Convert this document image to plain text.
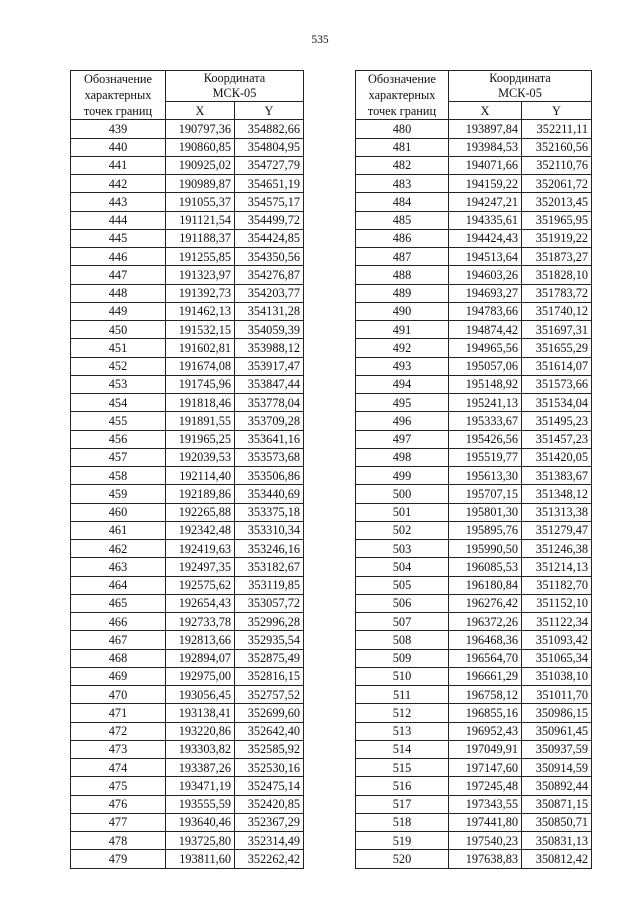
535
Обозначение характерных точек границ	Координата
МСК-05	

	X	Y
439	190797,36	354882,66
440	190860,85	354804,95
441	190925,02	354727,79
442	190989,87	354651,19
443	191055,37	354575,17
444	191121,54	354499,72
445	191188,37	354424,85
446	191255,85	354350,56
447	191323,97	354276,87
448	191392,73	354203,77
449	191462,13	354131,28
450	191532,15	354059,39
451	191602,81	353988,12
452	191674,08	353917,47
453	191745,96	353847,44
454	191818,46	353778,04
455	191891,55	353709,28
456	191965,25	353641,16
457	192039,53	353573,68
458	192114,40	353506,86
459	192189,86	353440,69
460	192265,88	353375,18
461	192342,48	353310,34
462	192419,63	353246,16
463	192497,35	353182,67
464	192575,62	353119,85
465	192654,43	353057,72
466	192733,78	352996,28
467	192813,66	352935,54
468	192894,07	352875,49
469	192975,00	352816,15
470	193056,45	352757,52
471	193138,41	352699,60
472	193220,86	352642,40
473	193303,82	352585,92
474	193387,26	352530,16
475	193471,19	352475,14
476	193555,59	352420,85
477	193640,46	352367,29
478	193725,80	352314,49
479	193811,60	352262,42
Обозначение характерных точек границ	Координата
МСК-05	

	X	Y
480	193897,84	352211,11
481	193984,53	352160,56
482	194071,66	352110,76
483	194159,22	352061,72
484	194247,21	352013,45
485	194335,61	351965,95
486	194424,43	351919,22
487	194513,64	351873,27
488	194603,26	351828,10
489	194693,27	351783,72
490	194783,66	351740,12
491	194874,42	351697,31
492	194965,56	351655,29
493	195057,06	351614,07
494	195148,92	351573,66
495	195241,13	351534,04
496	195333,67	351495,23
497	195426,56	351457,23
498	195519,77	351420,05
499	195613,30	351383,67
500	195707,15	351348,12
501	195801,30	351313,38
502	195895,76	351279,47
503	195990,50	351246,38
504	196085,53	351214,13
505	196180,84	351182,70
506	196276,42	351152,10
507	196372,26	351122,34
508	196468,36	351093,42
509	196564,70	351065,34
510	196661,29	351038,10
511	196758,12	351011,70
512	196855,16	350986,15
513	196952,43	350961,45
514	197049,91	350937,59
515	197147,60	350914,59
516	197245,48	350892,44
517	197343,55	350871,15
518	197441,80	350850,71
519	197540,23	350831,13
520	197638,83	350812,42
